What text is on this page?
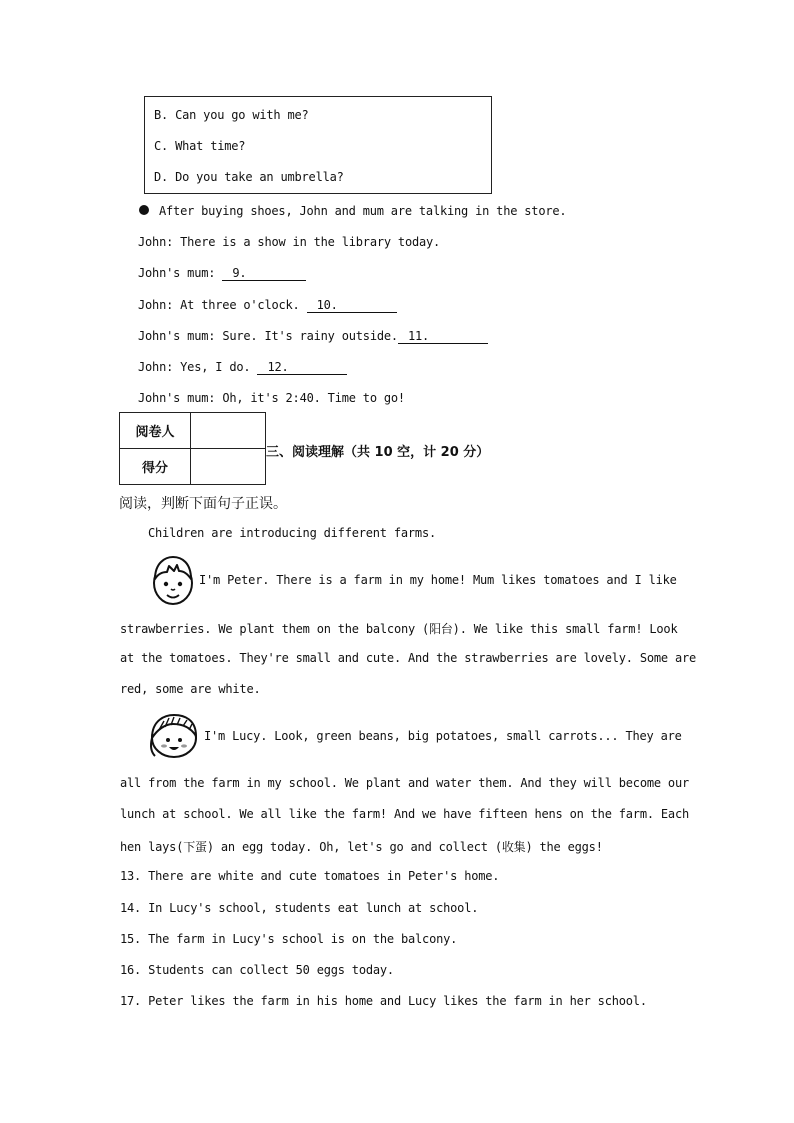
B. Can you go with me?
C. What time?
D. Do you take an umbrella?
After buying shoes, John and mum are talking in the store.
John: There is a show in the library today.
John's mum: 9.
John: At three o'clock. 10.
John's mum: Sure. It's rainy outside. 11.
John: Yes, I do. 12.
John's mum: Oh, it's 2:40. Time to go!
阅卷人	
得分	
三、阅读理解（共 10 空，计 20 分）
阅读，判断下面句子正误。
Children are introducing different farms.
I'm Peter. There is a farm in my home! Mum likes tomatoes and I like
strawberries. We plant them on the balcony (阳台). We like this small farm! Look
at the tomatoes. They're small and cute. And the strawberries are lovely. Some are
red, some are white.
I'm Lucy. Look, green beans, big potatoes, small carrots... They are
all from the farm in my school. We plant and water them. And they will become our
lunch at school. We all like the farm! And we have fifteen hens on the farm. Each
hen lays(下蛋) an egg today. Oh, let's go and collect (收集) the eggs!
13. There are white and cute tomatoes in Peter's home.
14. In Lucy's school, students eat lunch at school.
15. The farm in Lucy's school is on the balcony.
16. Students can collect 50 eggs today.
17. Peter likes the farm in his home and Lucy likes the farm in her school.
